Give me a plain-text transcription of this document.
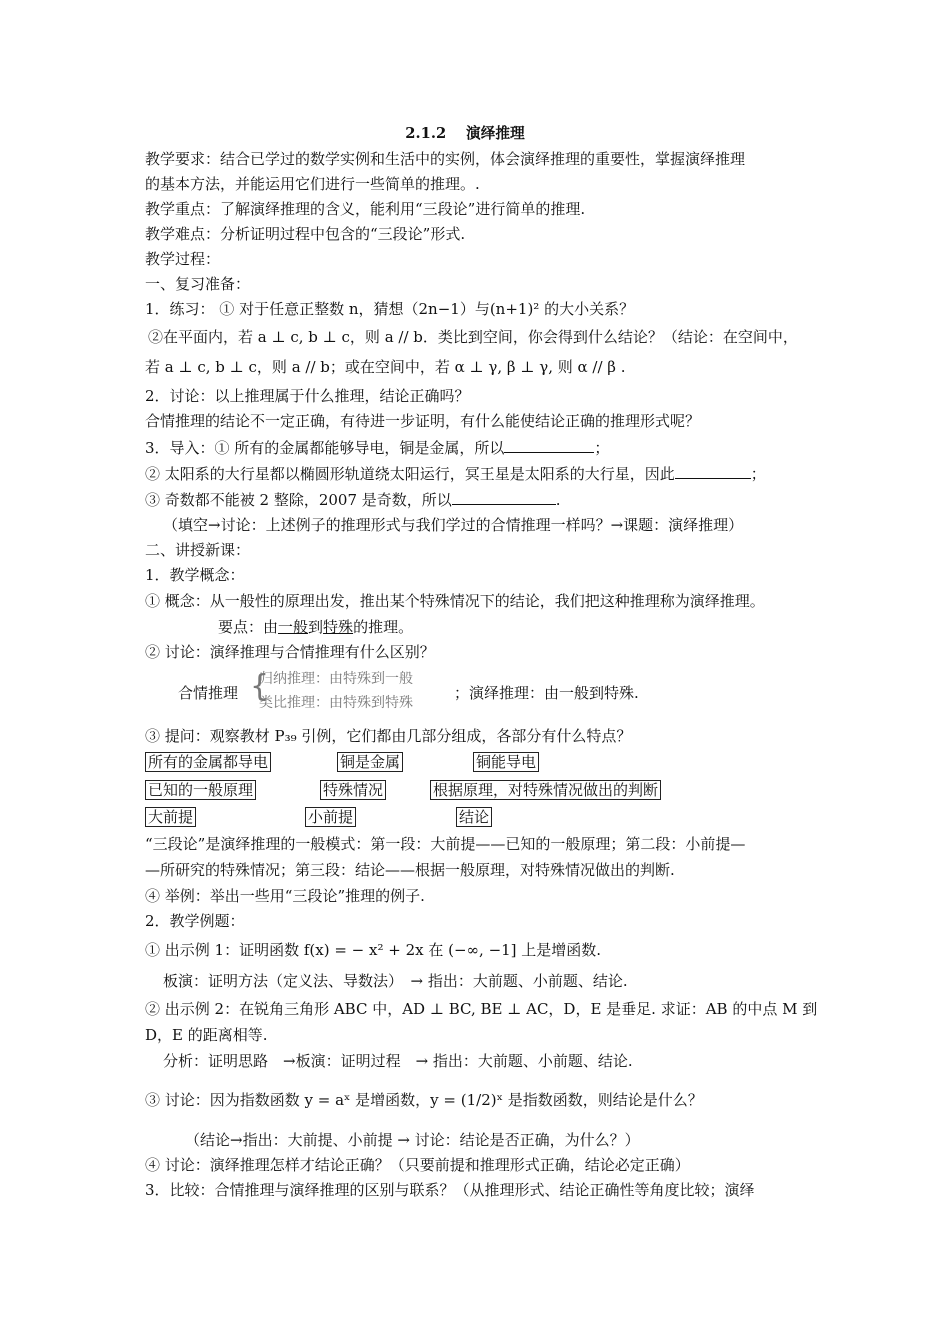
2.1.2　 演绎推理
教学要求：结合已学过的数学实例和生活中的实例，体会演绎推理的重要性，掌握演绎推理
的基本方法，并能运用它们进行一些简单的推理。.
教学重点：了解演绎推理的含义，能利用“三段论”进行简单的推理.
教学难点：分析证明过程中包含的“三段论”形式.
教学过程：
一、复习准备：
1．练习： ① 对于任意正整数 n，猜想（2n−1）与(n+1)² 的大小关系？
②在平面内，若 a ⊥ c, b ⊥ c，则 a // b．类比到空间，你会得到什么结论？（结论：在空间中，
若 a ⊥ c, b ⊥ c，则 a // b；或在空间中，若 α ⊥ γ, β ⊥ γ, 则 α // β .
2．讨论：以上推理属于什么推理，结论正确吗？
合情推理的结论不一定正确，有待进一步证明，有什么能使结论正确的推理形式呢？
3．导入：① 所有的金属都能够导电，铜是金属，所以	；
② 太阳系的大行星都以椭圆形轨道绕太阳运行，冥王星是太阳系的大行星，因此	；
③ 奇数都不能被 2 整除，2007 是奇数，所以	.
（填空→讨论：上述例子的推理形式与我们学过的合情推理一样吗？→课题：演绎推理）
二、讲授新课：
1．教学概念：
① 概念：从一般性的原理出发，推出某个特殊情况下的结论，我们把这种推理称为演绎推理。
要点：由一般到特殊的推理。
② 讨论：演绎推理与合情推理有什么区别？
合情推理 {
归纳推理：由特殊到一般
类比推理：由特殊到特殊
；演绎推理：由一般到特殊.
③ 提问：观察教材 P₃₉ 引例，它们都由几部分组成，各部分有什么特点？
所有的金属都导电	铜是金属	铜能导电
已知的一般原理	特殊情况	根据原理，对特殊情况做出的判断
大前提	小前提	结论
“三段论”是演绎推理的一般模式：第一段：大前提——已知的一般原理；第二段：小前提—
—所研究的特殊情况；第三段：结论——根据一般原理，对特殊情况做出的判断.
④ 举例：举出一些用“三段论”推理的例子.
2．教学例题：
① 出示例 1：证明函数 f(x) = − x² + 2x 在 (−∞, −1] 上是增函数.
板演：证明方法（定义法、导数法）　→ 指出：大前题、小前题、结论.
② 出示例 2：在锐角三角形 ABC 中，AD ⊥ BC, BE ⊥ AC，D，E 是垂足. 求证：AB 的中点 M 到
D，E 的距离相等.
分析：证明思路　→板演：证明过程　→ 指出：大前题、小前题、结论.
③ 讨论：因为指数函数 y = aˣ 是增函数，y = (1/2)ˣ 是指数函数，则结论是什么？
（结论→指出：大前提、小前提 → 讨论：结论是否正确，为什么？）
④ 讨论：演绎推理怎样才结论正确？（只要前提和推理形式正确，结论必定正确）
3．比较：合情推理与演绎推理的区别与联系？（从推理形式、结论正确性等角度比较；演绎
